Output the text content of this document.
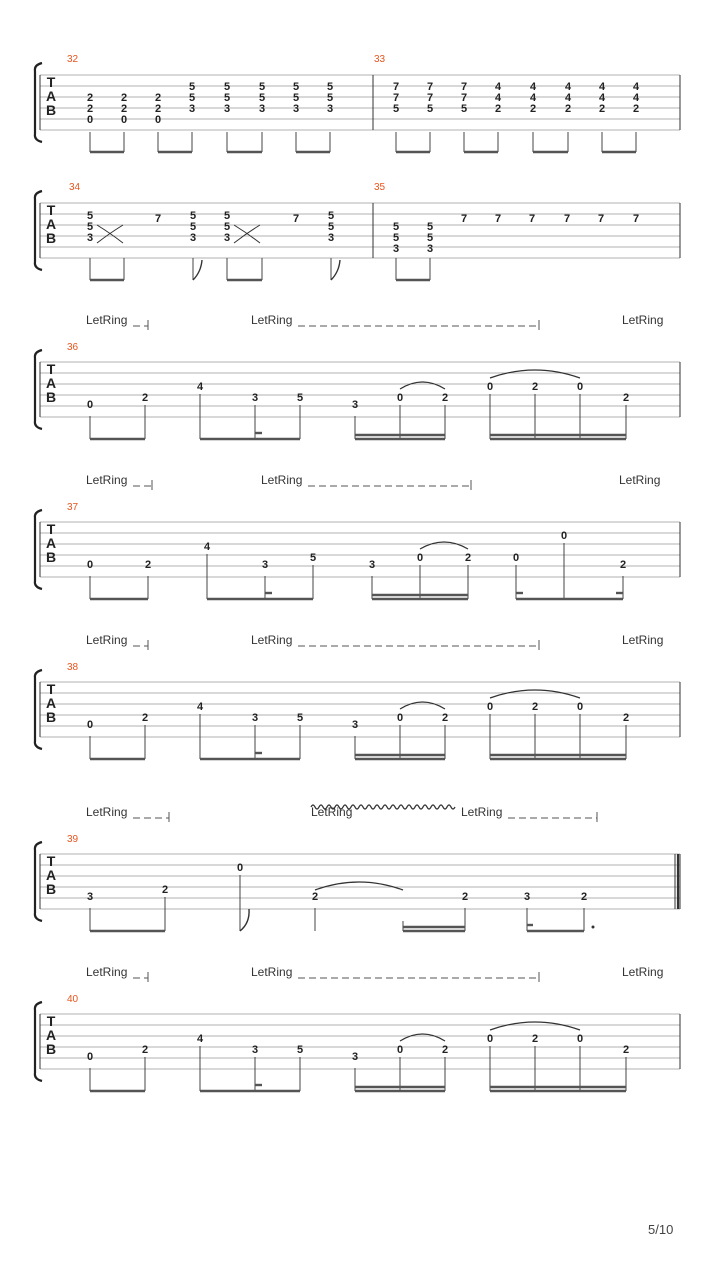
T
A
B
32	33
2
2
0
2
2
0
2
2
0
5
5
3
5
5
3
5
5
3
5
5
3
5
5
3
7
7
5
7
7
5
7
7
5
4
4
2
4
4
2
4
4
2
4
4
2
4
4
2
T
A
B
34	35
5
5
3
5
5
3
5
5
3
5
5
3
7	7	7	7	7	7	7	7
5
5
3
5
5
3
T
A
B
36
LetRing	LetRing	LetRing
0
2
4
3	5
3
0	2
0	2	0
2
T
A
B
37
LetRing	LetRing	LetRing
0	2
4
3
5
3
0	2	0
0
2
T
A
B
38
LetRing	LetRing	LetRing
0
2
4
3	5
3
0	2
0	2	0
2
T
A
B
40
LetRing	LetRing	LetRing
0
2
4
3	5
3
0	2
0	2	0
2
T
A
B
39
LetRing	LetRing	LetRing
3
2
0
2	2	3	2
5/10
